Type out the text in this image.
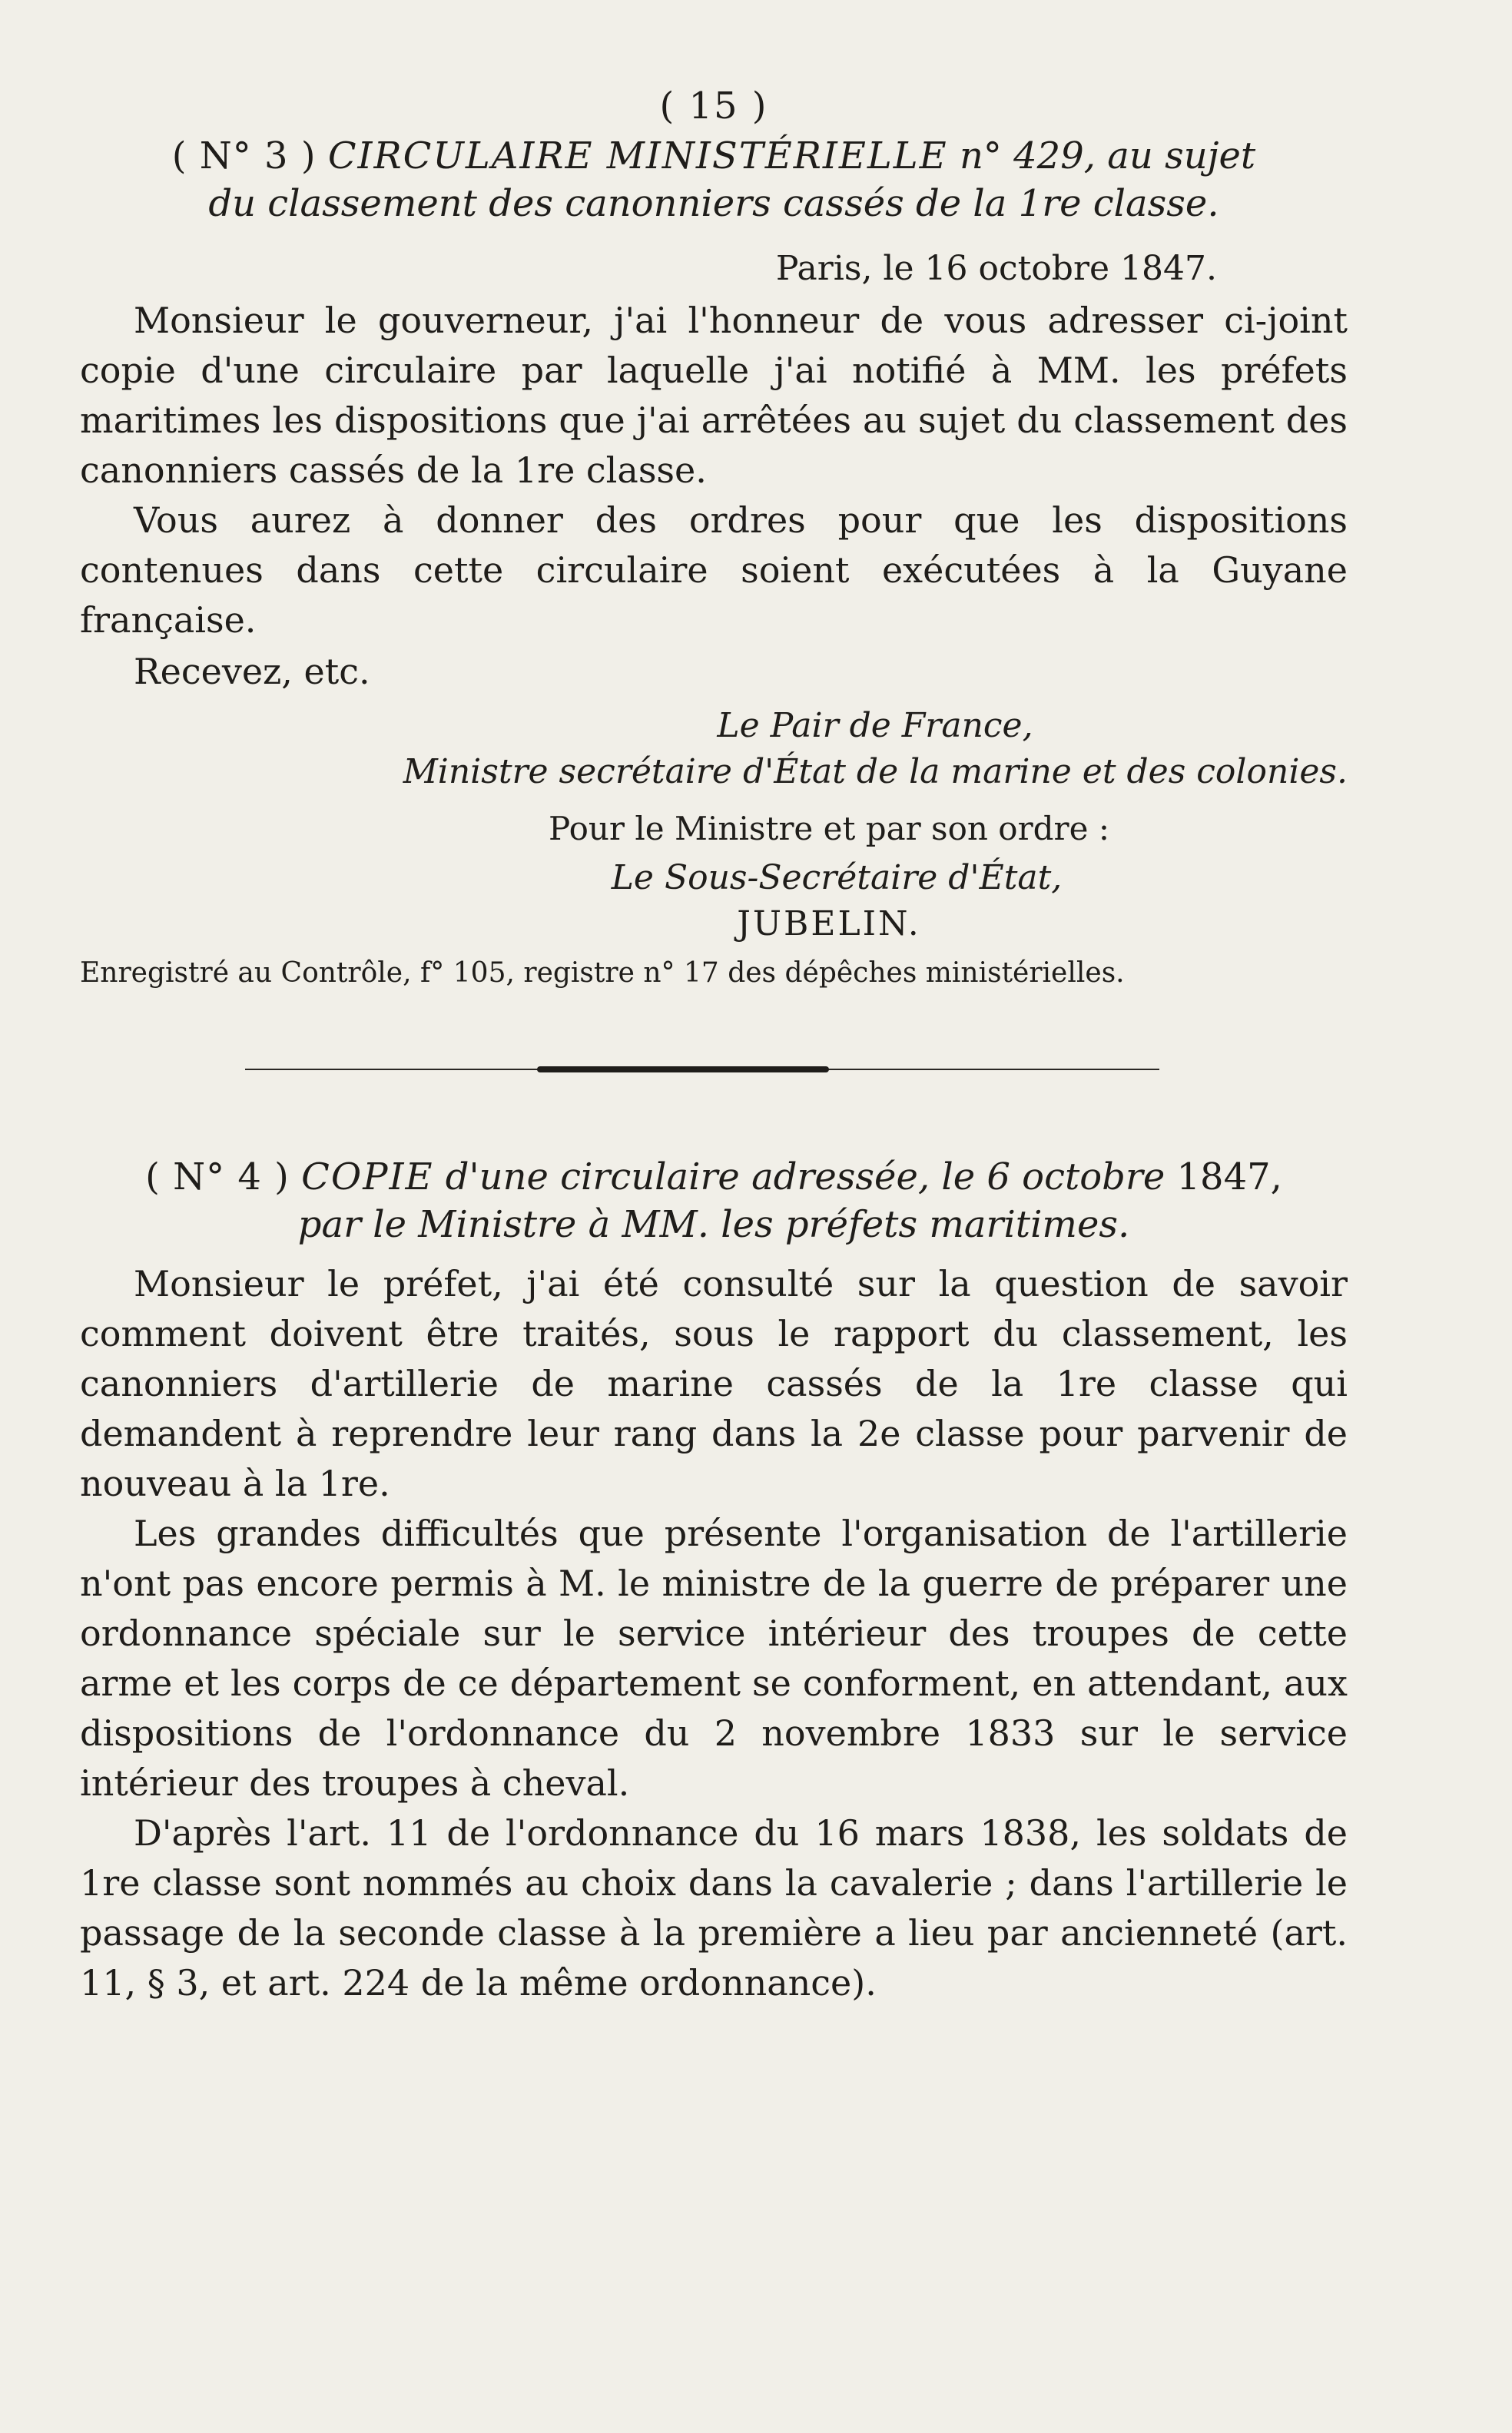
( 15 )
( N° 3 ) CIRCULAIRE MINISTÉRIELLE n° 429, au sujet
du classement des canonniers cassés de la 1re classe.
Paris, le 16 octobre 1847.

Monsieur le gouverneur, j'ai l'honneur de vous adresser ci-joint copie d'une circulaire par laquelle j'ai notifié à MM. les préfets maritimes les dispositions que j'ai arrêtées au sujet du classement des canonniers cassés de la 1re classe.

Vous aurez à donner des ordres pour que les dispositions contenues dans cette circulaire soient exécutées à la Guyane française.

Recevez, etc.

Le Pair de France,
Ministre secrétaire d'État de la marine et des colonies.
Pour le Ministre et par son ordre :
Le Sous-Secrétaire d'État,
JUBELIN.

Enregistré au Contrôle, f° 105, registre n° 17 des dépêches ministérielles.

( N° 4 ) COPIE d'une circulaire adressée, le 6 octobre 1847,
par le Ministre à MM. les préfets maritimes.

Monsieur le préfet, j'ai été consulté sur la question de savoir comment doivent être traités, sous le rapport du classement, les canonniers d'artillerie de marine cassés de la 1re classe qui demandent à reprendre leur rang dans la 2e classe pour parvenir de nouveau à la 1re.

Les grandes difficultés que présente l'organisation de l'artillerie n'ont pas encore permis à M. le ministre de la guerre de préparer une ordonnance spéciale sur le service intérieur des troupes de cette arme et les corps de ce département se conforment, en attendant, aux dispositions de l'ordonnance du 2 novembre 1833 sur le service intérieur des troupes à cheval.

D'après l'art. 11 de l'ordonnance du 16 mars 1838, les soldats de 1re classe sont nommés au choix dans la cavalerie ; dans l'artillerie le passage de la seconde classe à la première a lieu par ancienneté (art. 11, § 3, et art. 224 de la même ordonnance).
